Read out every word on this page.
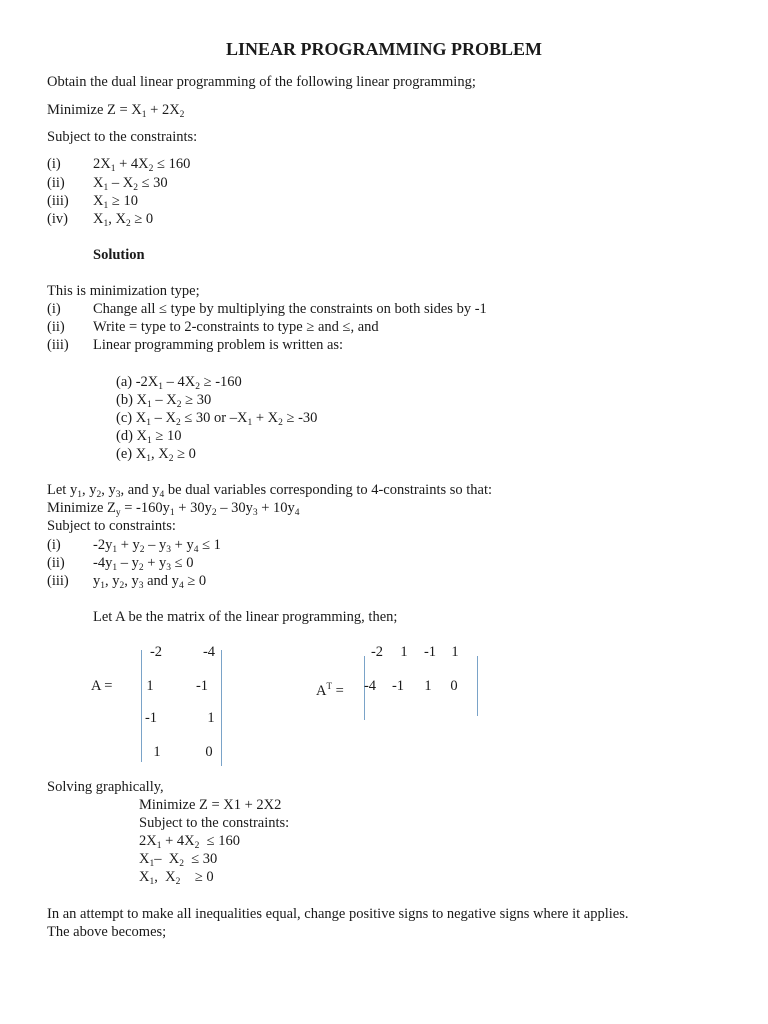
LINEAR PROGRAMMING PROBLEM
Obtain the dual linear programming of the following linear programming;
Minimize $Z = X_1 + 2X_2$
Subject to the constraints:
(i) $2X_1 + 4X_2 \le 160$
(ii) $X_1 - X_2 \le 30$
(iii) $X_1 \ge 10$
(iv) $X_1$, $X_2 \ge 0$
Solution
This is minimization type;
(i) Change all ≤ type by multiplying the constraints on both sides by -1
(ii) Write = type to 2-constraints to type ≥ and ≤, and
(iii) Linear programming problem is written as:
(a) $-2X_1 - 4X_2 \ge -160$
(b) $X_1 - X_2 \ge 30$
(c) $X_1 - X_2 \le 30$ or $-X_1 + X_2 \ge -30$
(d) $X_1 \ge 10$
(e) $X_1$, $X_2 \ge 0$
Let $y_1$, $y_2$, $y_3$, and $y_4$ be dual variables corresponding to 4-constraints so that:
Minimize $Z_y = -160y_1 + 30y_2 - 30y_3 + 10y_4$
Subject to constraints:
(i) $-2y_1 + y_2 - y_3 + y_4 \le 1$
(ii) $-4y_1 - y_2 + y_3 \le 0$
(iii) $y_1$, $y_2$, $y_3$ and $y_4 \ge 0$
Let A be the matrix of the linear programming, then;
A =
-2	-4
1	-1
-1	1
1	0
$A^T$ =
-2	1	-1	1
-4 -1	1	0
Solving graphically,
Minimize Z = X1 + 2X2
Subject to the constraints:
$2X_1 + 4X_2 \le 160$
$X_1-$  $X_2 \le 30$
$X_1$,  $X_2$    ≥ 0
In an attempt to make all inequalities equal, change positive signs to negative signs where it applies.
The above becomes;
